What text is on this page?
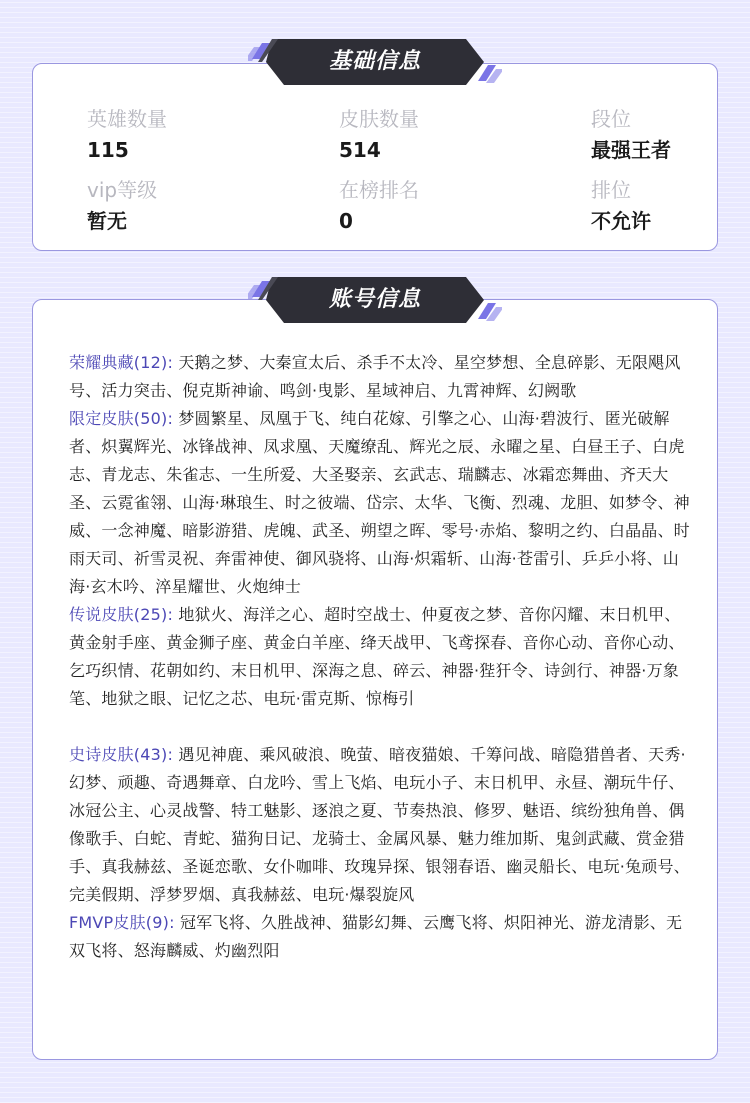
英雄数量
115
皮肤数量
514
段位
最强王者
vip等级
暂无
在榜排名
0
排位
不允许
基础信息
荣耀典藏(12): 天鹅之梦、大秦宣太后、杀手不太冷、星空梦想、全息碎影、无限飓风号、活力突击、倪克斯神谕、鸣剑·曳影、星域神启、九霄神辉、幻阙歌
限定皮肤(50): 梦圆繁星、凤凰于飞、纯白花嫁、引擎之心、山海·碧波行、匿光破解者、炽翼辉光、冰锋战神、凤求凰、天魔缭乱、辉光之辰、永曜之星、白昼王子、白虎志、青龙志、朱雀志、一生所爱、大圣娶亲、玄武志、瑞麟志、冰霜恋舞曲、齐天大圣、云霓雀翎、山海·琳琅生、时之彼端、岱宗、太华、飞衡、烈魂、龙胆、如梦令、神威、一念神魔、暗影游猎、虎魄、武圣、朔望之晖、零号·赤焰、黎明之约、白晶晶、时雨天司、祈雪灵祝、奔雷神使、御风骁将、山海·炽霜斩、山海·苍雷引、乒乒小将、山海·玄木吟、淬星耀世、火炮绅士
传说皮肤(25): 地狱火、海洋之心、超时空战士、仲夏夜之梦、音你闪耀、末日机甲、黄金射手座、黄金狮子座、黄金白羊座、绛天战甲、飞鸢探春、音你心动、音你心动、乞巧织情、花朝如约、末日机甲、深海之息、碎云、神器·狴犴令、诗剑行、神器·万象笔、地狱之眼、记忆之芯、电玩·雷克斯、惊梅引
史诗皮肤(43): 遇见神鹿、乘风破浪、晚萤、暗夜猫娘、千筹问战、暗隐猎兽者、天秀·幻梦、顽趣、奇遇舞章、白龙吟、雪上飞焰、电玩小子、末日机甲、永昼、潮玩牛仔、冰冠公主、心灵战警、特工魅影、逐浪之夏、节奏热浪、修罗、魅语、缤纷独角兽、偶像歌手、白蛇、青蛇、猫狗日记、龙骑士、金属风暴、魅力维加斯、鬼剑武藏、赏金猎手、真我赫兹、圣诞恋歌、女仆咖啡、玫瑰异探、银翎春语、幽灵船长、电玩·兔顽号、完美假期、浮梦罗烟、真我赫兹、电玩·爆裂旋风
FMVP皮肤(9): 冠军飞将、久胜战神、猫影幻舞、云鹰飞将、炽阳神光、游龙清影、无双飞将、怒海麟威、灼幽烈阳
账号信息
